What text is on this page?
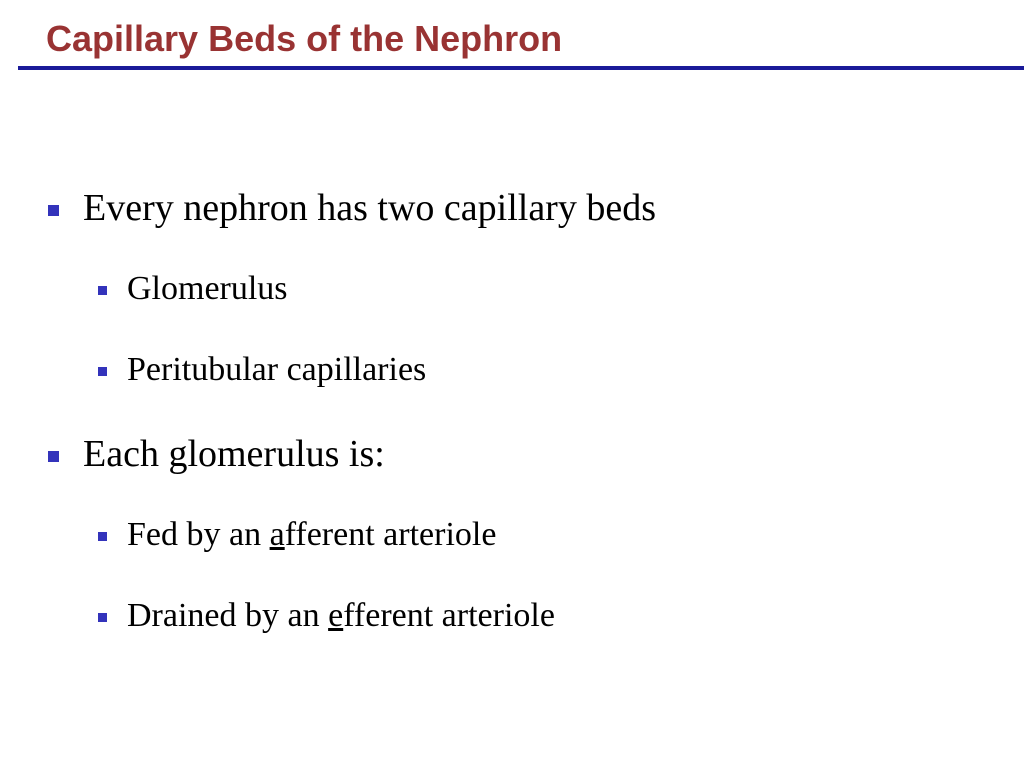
Capillary Beds of the Nephron
Every nephron has two capillary beds
Glomerulus
Peritubular capillaries
Each glomerulus is:
Fed by an afferent arteriole
Drained by an efferent arteriole
